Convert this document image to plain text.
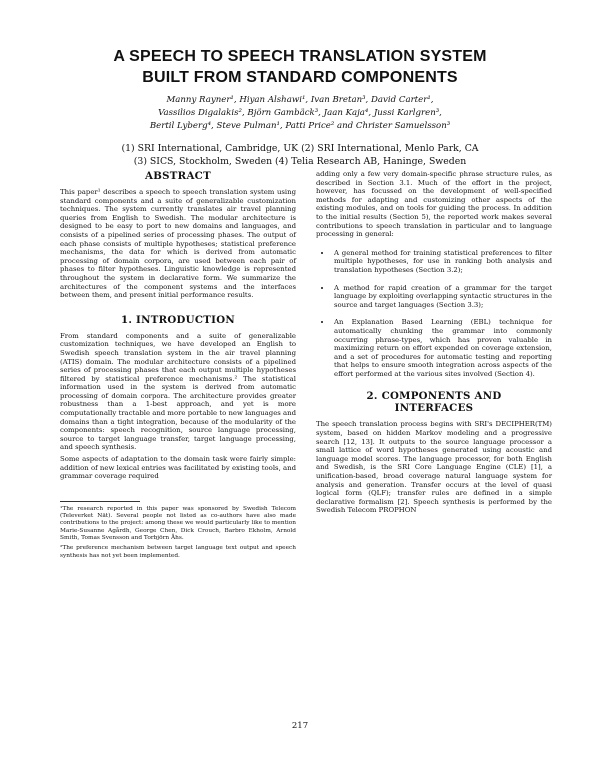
A SPEECH TO SPEECH TRANSLATION SYSTEM
BUILT FROM STANDARD COMPONENTS
Manny Rayner¹, Hiyan Alshawi¹, Ivan Bretan³, David Carter¹,
Vassilios Digalakis², Björn Gambäck³, Jaan Kaja⁴, Jussi Karlgren³,
Bertil Lyberg⁴, Steve Pulman¹, Patti Price² and Christer Samuelsson³
(1) SRI International, Cambridge, UK (2) SRI International, Menlo Park, CA
(3) SICS, Stockholm, Sweden (4) Telia Research AB, Haninge, Sweden
ABSTRACT

This paper¹ describes a speech to speech translation system using standard components and a suite of generalizable customization techniques. The system currently translates air travel planning queries from English to Swedish. The modular architecture is designed to be easy to port to new domains and languages, and consists of a pipelined series of processing phases. The output of each phase consists of multiple hypotheses; statistical preference mechanisms, the data for which is derived from automatic processing of domain corpora, are used between each pair of phases to filter hypotheses. Linguistic knowledge is represented throughout the system in declarative form. We summarize the architectures of the component systems and the interfaces between them, and present initial performance results.

1. INTRODUCTION

From standard components and a suite of generalizable customization techniques, we have developed an English to Swedish speech translation system in the air travel planning (ATIS) domain. The modular architecture consists of a pipelined series of processing phases that each output multiple hypotheses filtered by statistical preference mechanisms.² The statistical information used in the system is derived from automatic processing of domain corpora. The architecture provides greater robustness than a 1-best approach, and yet is more computationally tractable and more portable to new languages and domains than a tight integration, because of the modularity of the components: speech recognition, source language processing, source to target language transfer, target language processing, and speech synthesis.

Some aspects of adaptation to the domain task were fairly simple: addition of new lexical entries was facilitated by existing tools, and grammar coverage required

¹The research reported in this paper was sponsored by Swedish Telecom (Televerket Nät). Several people not listed as co-authors have also made contributions to the project: among these we would particularly like to mention Marie-Susanne Agårdh, George Chen, Dick Crouch, Barbro Ekholm, Arnold Smith, Tomas Svensson and Torbjörn Åhs.

²The preference mechanism between target language text output and speech synthesis has not yet been implemented.

adding only a few very domain-specific phrase structure rules, as described in Section 3.1. Much of the effort in the project, however, has focussed on the development of well-specified methods for adapting and customizing other aspects of the existing modules, and on tools for guiding the process. In addition to the initial results (Section 5), the reported work makes several contributions to speech translation in particular and to language processing in general:

• A general method for training statistical preferences to filter multiple hypotheses, for use in ranking both analysis and translation hypotheses (Section 3.2);
• A method for rapid creation of a grammar for the target language by exploiting overlapping syntactic structures in the source and target languages (Section 3.3);
• An Explanation Based Learning (EBL) technique for automatically chunking the grammar into commonly occurring phrase-types, which has proven valuable in maximizing return on effort expended on coverage extension, and a set of procedures for automatic testing and reporting that helps to ensure smooth integration across aspects of the effort performed at the various sites involved (Section 4).
2. COMPONENTS AND
INTERFACES

The speech translation process begins with SRI's DECIPHER(TM) system, based on hidden Markov modeling and a progressive search [12, 13]. It outputs to the source language processor a small lattice of word hypotheses generated using acoustic and language model scores. The language processor, for both English and Swedish, is the SRI Core Language Engine (CLE) [1], a unification-based, broad coverage natural language system for analysis and generation. Transfer occurs at the level of quasi logical form (QLF); transfer rules are defined in a simple declarative formalism [2]. Speech synthesis is performed by the Swedish Telecom PROPHON

217
